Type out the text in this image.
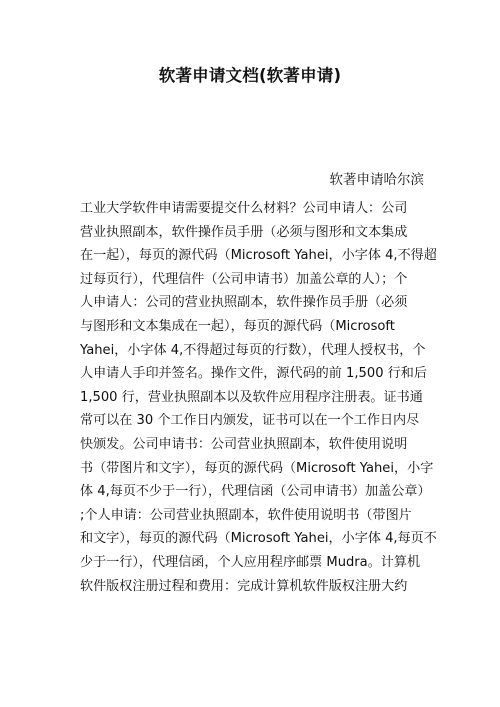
软著申请文档(软著申请)
软著申请哈尔滨
工业大学软件申请需要提交什么材料？公司申请人：公司
营业执照副本，软件操作员手册（必须与图形和文本集成
在一起），每页的源代码（Microsoft Yahei，小字体 4,不得超
过每页行），代理信件（公司申请书）加盖公章的人）；个
人申请人：公司的营业执照副本，软件操作员手册（必须
与图形和文本集成在一起），每页的源代码（Microsoft
Yahei，小字体 4,不得超过每页的行数），代理人授权书，个
人申请人手印并签名。操作文件，源代码的前 1,500 行和后
1,500 行，营业执照副本以及软件应用程序注册表。证书通
常可以在 30 个工作日内颁发，证书可以在一个工作日内尽
快颁发。公司申请书：公司营业执照副本，软件使用说明
书（带图片和文字），每页的源代码（Microsoft Yahei，小字
体 4,每页不少于一行），代理信函（公司申请书）加盖公章）
;个人申请：公司营业执照副本，软件使用说明书（带图片
和文字），每页的源代码（Microsoft Yahei，小字体 4,每页不
少于一行），代理信函，个人应用程序邮票 Mudra。计算机
软件版权注册过程和费用：完成计算机软件版权注册大约
